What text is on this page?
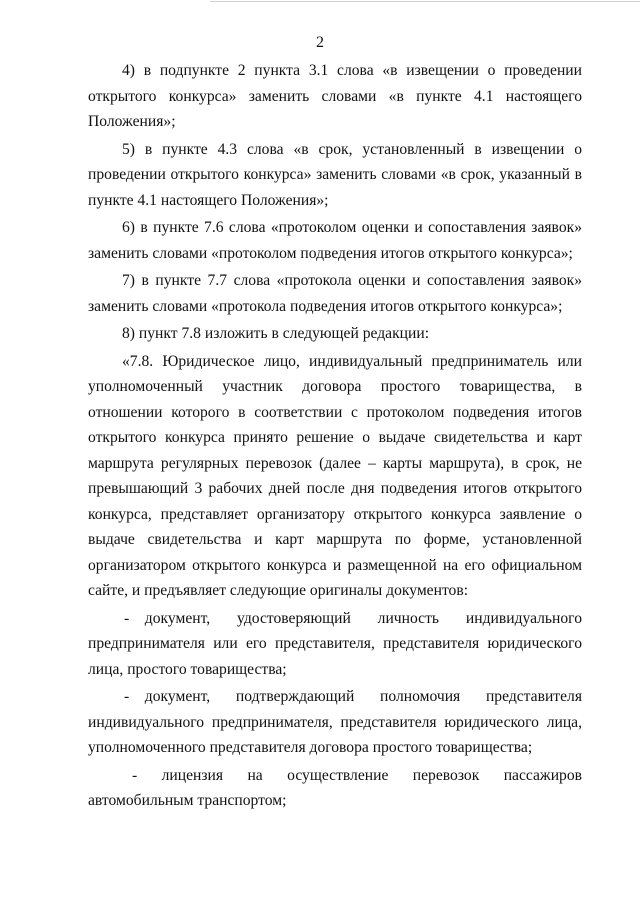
2

4) в подпункте 2 пункта 3.1 слова «в извещении о проведении открытого конкурса» заменить словами «в пункте 4.1 настоящего Положения»;

5) в пункте 4.3 слова «в срок, установленный в извещении о проведении открытого конкурса» заменить словами «в срок, указанный в пункте 4.1 настоящего Положения»;

6) в пункте 7.6 слова «протоколом оценки и сопоставления заявок» заменить словами «протоколом подведения итогов открытого конкурса»;

7) в пункте 7.7 слова «протокола оценки и сопоставления заявок» заменить словами «протокола подведения итогов открытого конкурса»;

8) пункт 7.8 изложить в следующей редакции:

«7.8. Юридическое лицо, индивидуальный предприниматель или уполномоченный участник договора простого товарищества, в отношении которого в соответствии с протоколом подведения итогов открытого конкурса принято решение о выдаче свидетельства и карт маршрута регулярных перевозок (далее – карты маршрута), в срок, не превышающий 3 рабочих дней после дня подведения итогов открытого конкурса, представляет организатору открытого конкурса заявление о выдаче свидетельства и карт маршрута по форме, установленной организатором открытого конкурса и размещенной на его официальном сайте, и предъявляет следующие оригиналы документов:

- документ, удостоверяющий личность индивидуального предпринимателя или его представителя, представителя юридического лица, простого товарищества;

- документ, подтверждающий полномочия представителя индивидуального предпринимателя, представителя юридического лица, уполномоченного представителя договора простого товарищества;

- лицензия на осуществление перевозок пассажиров автомобильным транспортом;
